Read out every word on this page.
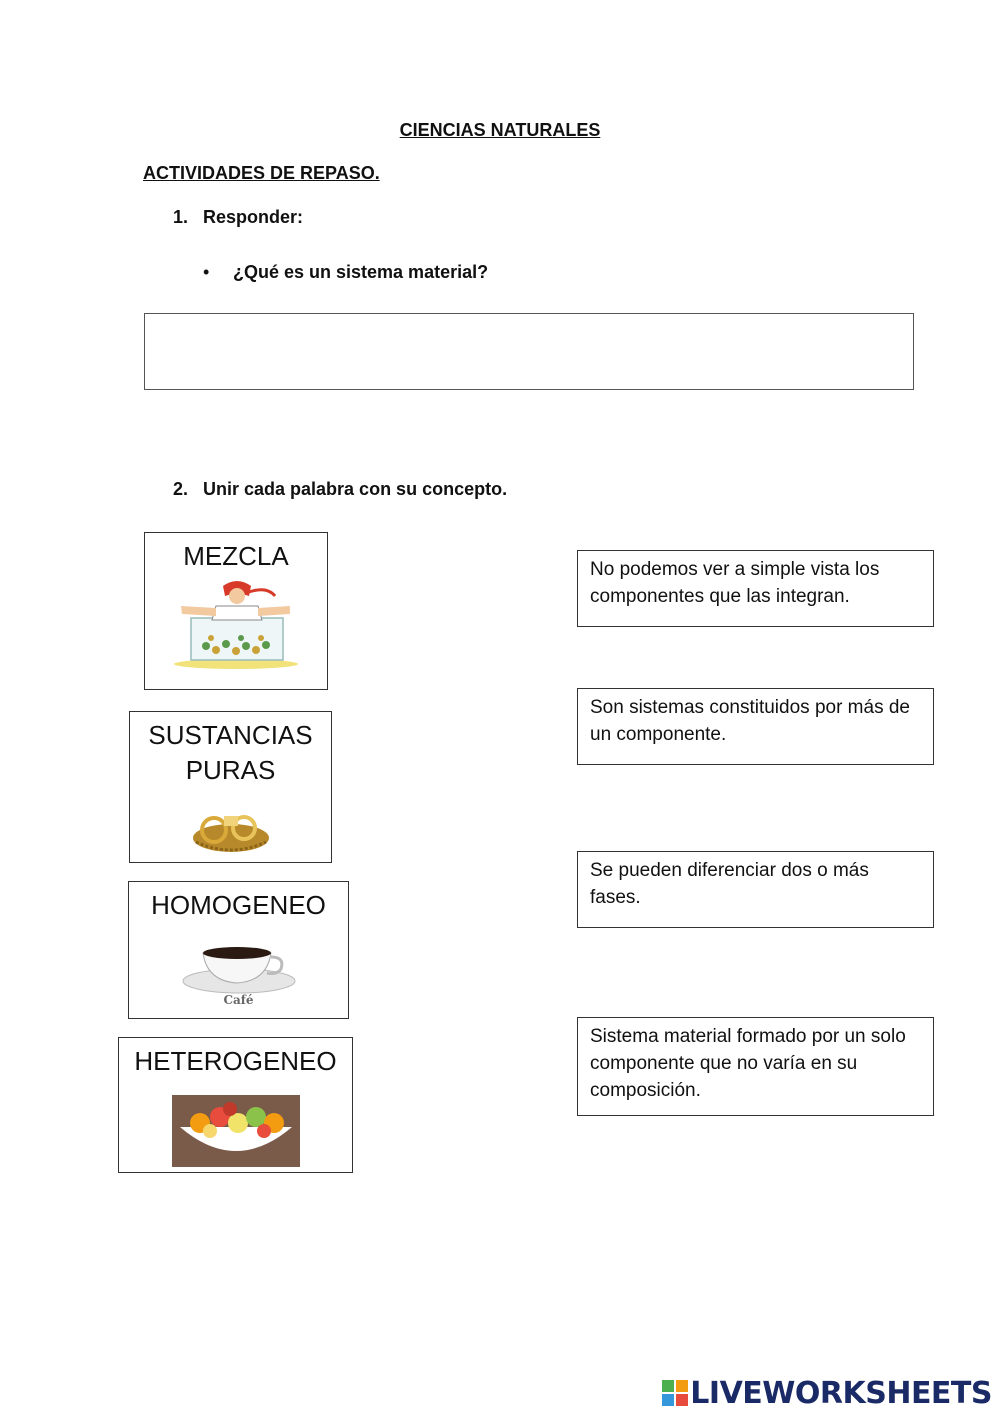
CIENCIAS NATURALES
ACTIVIDADES DE REPASO.
1. Responder:
• ¿Qué es un sistema material?
2. Unir cada palabra con su concepto.
MEZCLA
SUSTANCIAS
PURAS
HOMOGENEO
Café
HETEROGENEO
No podemos ver a simple vista los componentes que las integran.
Son sistemas constituidos por más de un componente.
Se pueden diferenciar dos o más fases.
Sistema material formado por un solo componente que no varía en su composición.
LIVEWORKSHEETS
